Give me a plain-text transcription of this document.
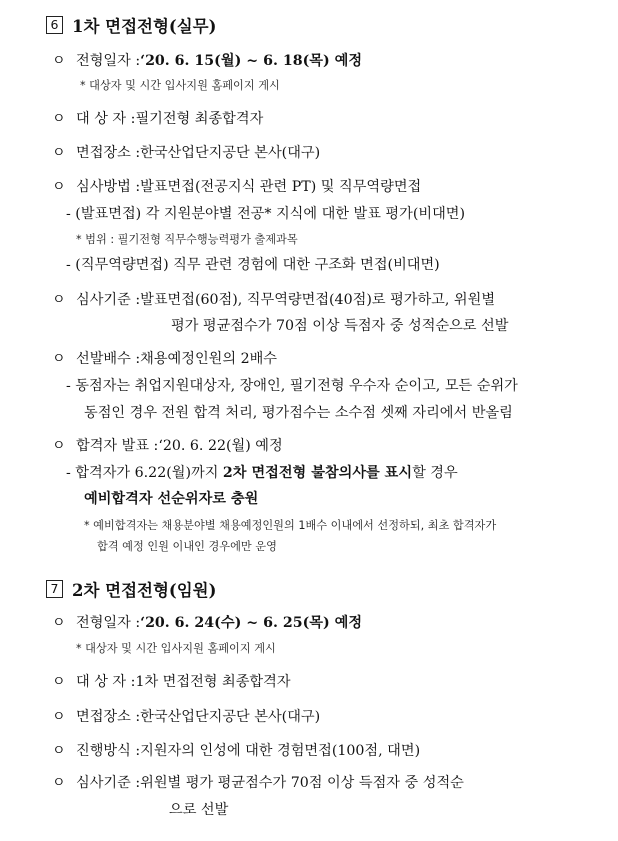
6 1차 면접전형(실무)
ㅇ 전형일자 :‘20. 6. 15(월) ~ 6. 18(목) 예정
* 대상자 및 시간 입사지원 홈페이지 게시
ㅇ 대 상 자 :필기전형 최종합격자
ㅇ 면접장소 :한국산업단지공단 본사(대구)
ㅇ 심사방법 :발표면접(전공지식 관련 PT) 및 직무역량면접
- (발표면접) 각 지원분야별 전공* 지식에 대한 발표 평가(비대면)
* 범위 : 필기전형 직무수행능력평가 출제과목
- (직무역량면접) 직무 관련 경험에 대한 구조화 면접(비대면)
ㅇ 심사기준 :발표면접(60점), 직무역량면접(40점)로 평가하고, 위원별
평가 평균점수가 70점 이상 득점자 중 성적순으로 선발
ㅇ 선발배수 :채용예정인원의 2배수
- 동점자는 취업지원대상자, 장애인, 필기전형 우수자 순이고, 모든 순위가
동점인 경우 전원 합격 처리, 평가점수는 소수점 셋째 자리에서 반올림
ㅇ 합격자 발표 :‘20. 6. 22(월) 예정
- 합격자가 6.22(월)까지 2차 면접전형 불참의사를 표시할 경우
예비합격자 선순위자로 충원
* 예비합격자는 채용분야별 채용예정인원의 1배수 이내에서 선정하되, 최초 합격자가
합격 예정 인원 이내인 경우에만 운영
7 2차 면접전형(임원)
ㅇ 전형일자 :‘20. 6. 24(수) ~ 6. 25(목) 예정
* 대상자 및 시간 입사지원 홈페이지 게시
ㅇ 대 상 자 :1차 면접전형 최종합격자
ㅇ 면접장소 :한국산업단지공단 본사(대구)
ㅇ 진행방식 :지원자의 인성에 대한 경험면접(100점, 대면)
ㅇ 심사기준 :위원별 평가 평균점수가 70점 이상 득점자 중 성적순
으로 선발
